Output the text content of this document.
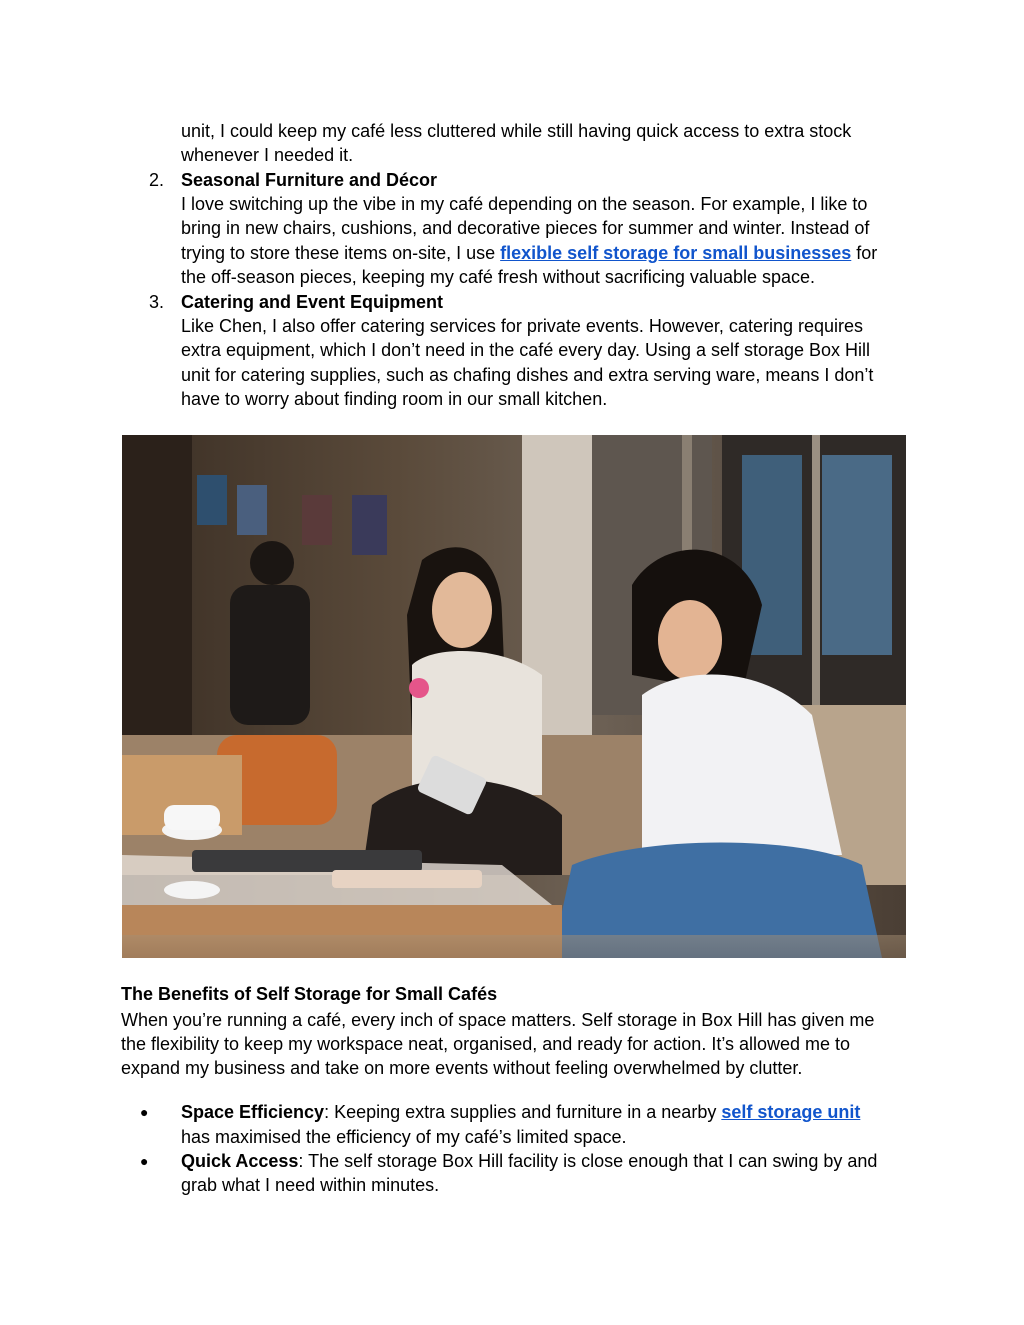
unit, I could keep my café less cluttered while still having quick access to extra stock

whenever I needed it.

2. Seasonal Furniture and Décor

I love switching up the vibe in my café depending on the season. For example, I like to

bring in new chairs, cushions, and decorative pieces for summer and winter. Instead of

trying to store these items on-site, I use flexible self storage for small businesses for

the off-season pieces, keeping my café fresh without sacrificing valuable space.

3. Catering and Event Equipment

Like Chen, I also offer catering services for private events. However, catering requires

extra equipment, which I don’t need in the café every day. Using a self storage Box Hill

unit for catering supplies, such as chafing dishes and extra serving ware, means I don’t

have to worry about finding room in our small kitchen.

The Benefits of Self Storage for Small Cafés

When you’re running a café, every inch of space matters. Self storage in Box Hill has given me

the flexibility to keep my workspace neat, organised, and ready for action. It’s allowed me to

expand my business and take on more events without feeling overwhelmed by clutter.

● Space Efficiency: Keeping extra supplies and furniture in a nearby self storage unit

has maximised the efficiency of my café’s limited space.

● Quick Access: The self storage Box Hill facility is close enough that I can swing by and

grab what I need within minutes.
